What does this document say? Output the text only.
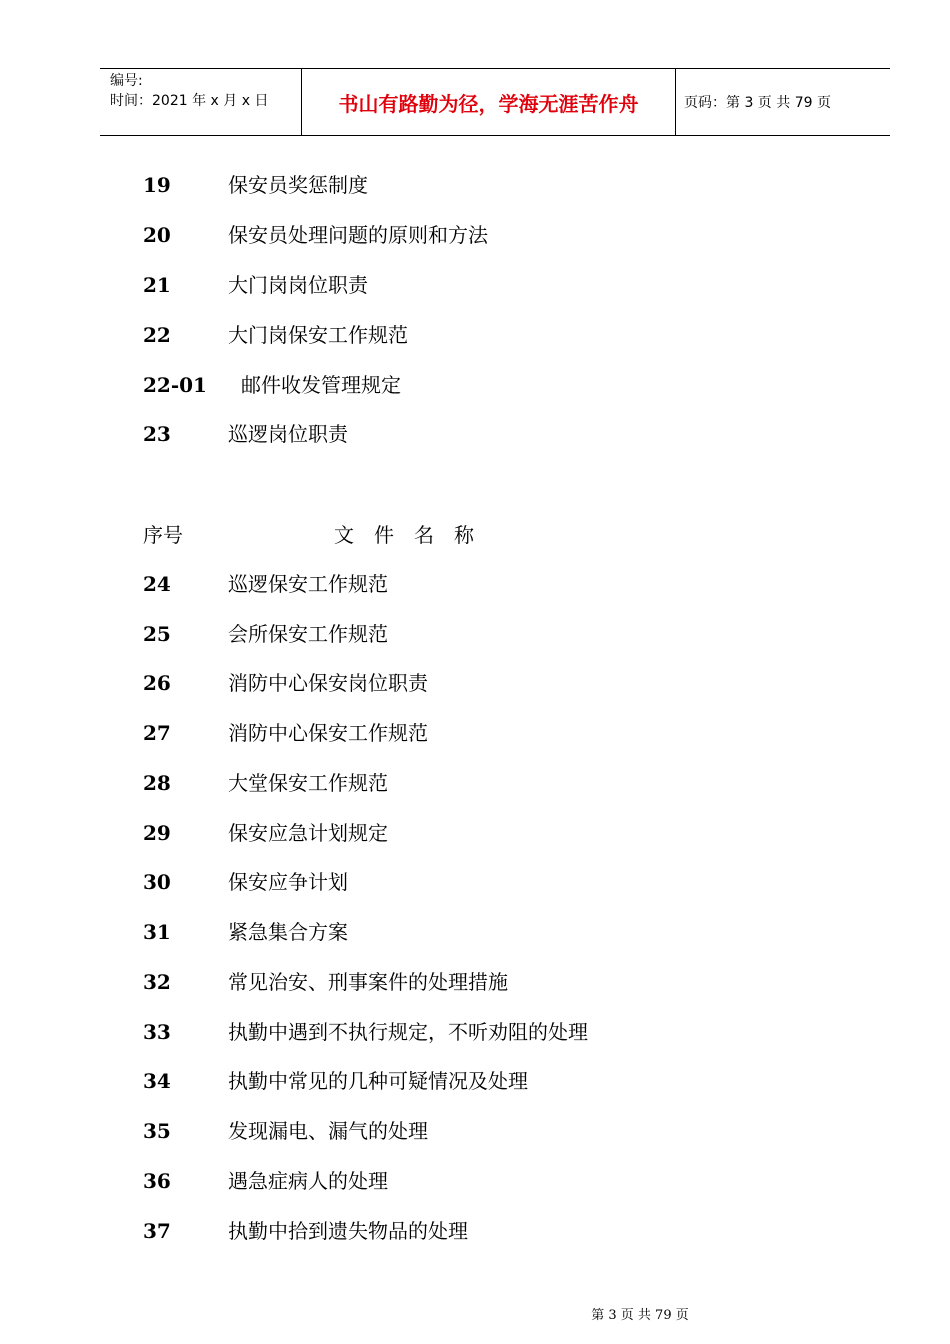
编号:
时间：2021 年 x 月 x 日	书山有路勤为径，学海无涯苦作舟	页码：第 3 页 共 79 页
19	保安员奖惩制度
20	保安员处理问题的原则和方法
21	大门岗岗位职责
22	大门岗保安工作规范
22-01 邮件收发管理规定
23	巡逻岗位职责
序号	文件名称
24	巡逻保安工作规范
25	会所保安工作规范
26	消防中心保安岗位职责
27	消防中心保安工作规范
28	大堂保安工作规范
29	保安应急计划规定
30	保安应争计划
31	紧急集合方案
32	常见治安、刑事案件的处理措施
33	执勤中遇到不执行规定，不听劝阻的处理
34	执勤中常见的几种可疑情况及处理
35	发现漏电、漏气的处理
36	遇急症病人的处理
37	执勤中拾到遗失物品的处理
第 3 页 共 79 页
